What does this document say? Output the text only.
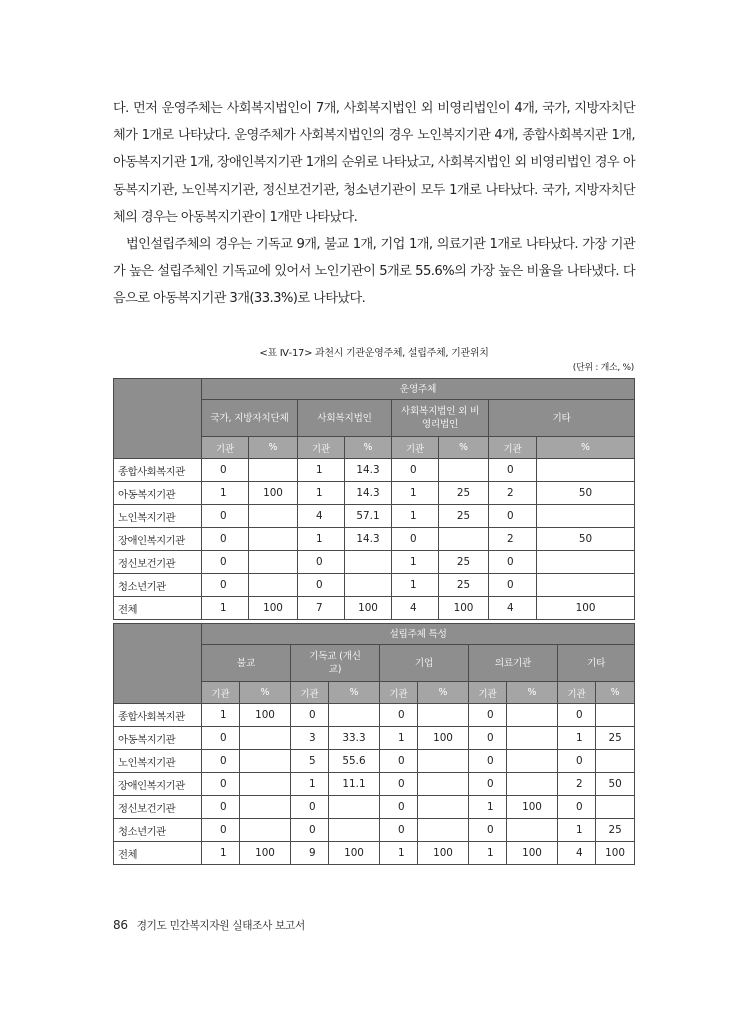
다. 먼저 운영주체는 사회복지법인이 7개, 사회복지법인 외 비영리법인이 4개, 국가, 지방자치단체가 1개로 나타났다. 운영주체가 사회복지법인의 경우 노인복지기관 4개, 종합사회복지관 1개, 아동복지기관 1개, 장애인복지기관 1개의 순위로 나타났고, 사회복지법인 외 비영리법인 경우 아동복지기관, 노인복지기관, 정신보건기관, 청소년기관이 모두 1개로 나타났다. 국가, 지방자치단체의 경우는 아동복지기관이 1개만 나타났다.

법인설립주체의 경우는 기독교 9개, 불교 1개, 기업 1개, 의료기관 1개로 나타났다. 가장 기관가 높은 설립주체인 기독교에 있어서 노인기관이 5개로 55.6%의 가장 높은 비율을 나타냈다. 다음으로 아동복지기관 3개(33.3%)로 나타났다.

<표 Ⅳ-17> 과천시 기관운영주체, 설립주체, 기관위치
(단위 : 개소, %)
	운영주체							
	국가, 지방자치단체		사회복지법인		사회복지법인 외 비영리법인		기타	
	기관	%	기관	%	기관	%	기관	%
종합사회복지관	0		1	14.3	0		0	
아동복지기관	1	100	1	14.3	1	25	2	50
노인복지기관	0		4	57.1	1	25	0	
장애인복지기관	0		1	14.3	0		2	50
정신보건기관	0		0		1	25	0	
청소년기관	0		0		1	25	0	
전체	1	100	7	100	4	100	4	100
	설립주체 특성									
	불교		기독교 (개신교)		기업		의료기관		기타	
	기관	%	기관	%	기관	%	기관	%	기관	%
종합사회복지관	1	100	0		0		0		0	
아동복지기관	0		3	33.3	1	100	0		1	25
노인복지기관	0		5	55.6	0		0		0	
장애인복지기관	0		1	11.1	0		0		2	50
정신보건기관	0		0		0		1	100	0	
청소년기관	0		0		0		0		1	25
전체	1	100	9	100	1	100	1	100	4	100
86 경기도 민간복지자원 실태조사 보고서
